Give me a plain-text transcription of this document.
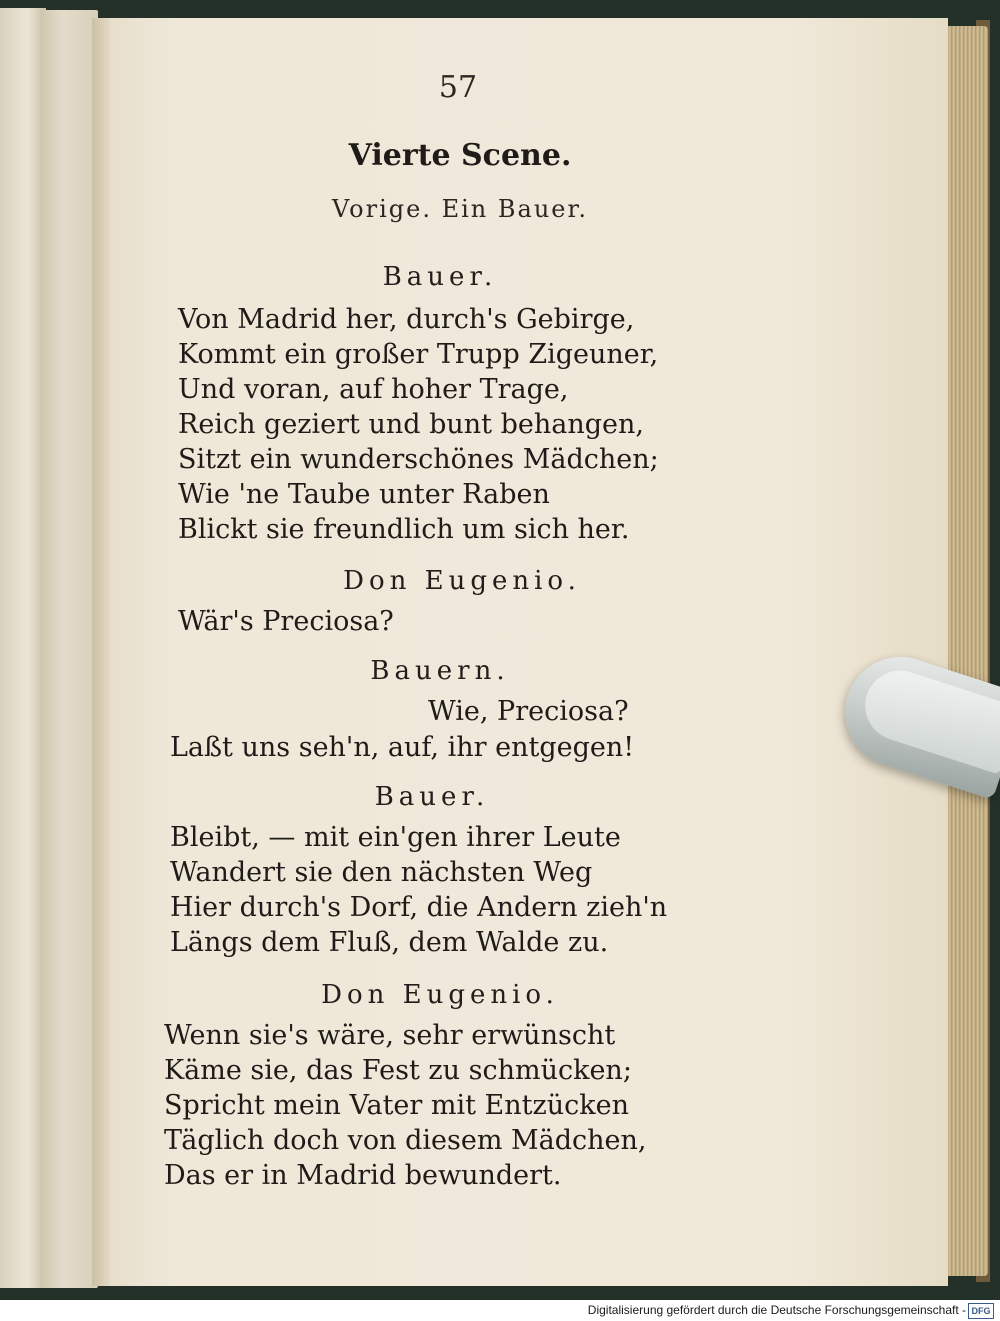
57
Vierte Scene.
Vorige. Ein Bauer.
Bauer.
Von Madrid her, durch's Gebirge,
Kommt ein großer Trupp Zigeuner,
Und voran, auf hoher Trage,
Reich geziert und bunt behangen,
Sitzt ein wunderschönes Mädchen;
Wie 'ne Taube unter Raben
Blickt sie freundlich um sich her.
Don Eugenio.
Wär's Preciosa?
Bauern.
Wie, Preciosa?
Laßt uns seh'n, auf, ihr entgegen!
Bauer.
Bleibt, — mit ein'gen ihrer Leute
Wandert sie den nächsten Weg
Hier durch's Dorf, die Andern zieh'n
Längs dem Fluß, dem Walde zu.
Don Eugenio.
Wenn sie's wäre, sehr erwünscht
Käme sie, das Fest zu schmücken;
Spricht mein Vater mit Entzücken
Täglich doch von diesem Mädchen,
Das er in Madrid bewundert.
Digitalisierung gefördert durch die Deutsche Forschungsgemeinschaft - DFG
